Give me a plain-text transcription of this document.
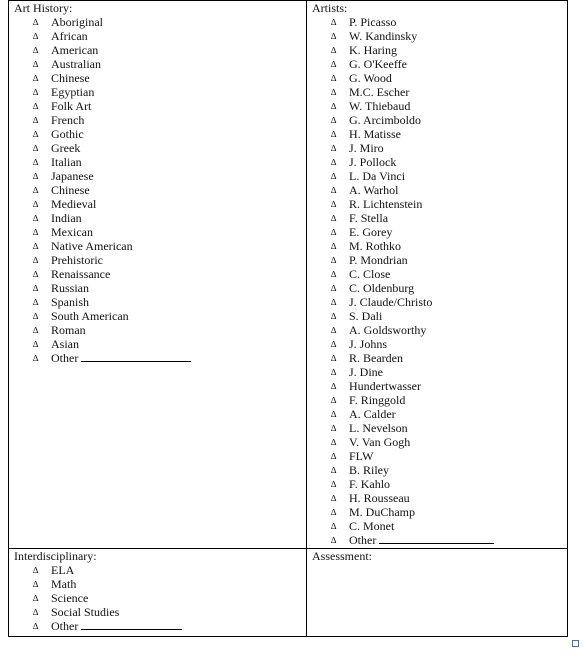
Art History:
∆ Aboriginal
∆ African
∆ American
∆ Australian
∆ Chinese
∆ Egyptian
∆ Folk Art
∆ French
∆ Gothic
∆ Greek
∆ Italian
∆ Japanese
∆ Chinese
∆ Medieval
∆ Indian
∆ Mexican
∆ Native American
∆ Prehistoric
∆ Renaissance
∆ Russian
∆ Spanish
∆ South American
∆ Roman
∆ Asian
∆ Other
Artists:
∆ P. Picasso
∆ W. Kandinsky
∆ K. Haring
∆ G. O'Keeffe
∆ G. Wood
∆ M.C. Escher
∆ W. Thiebaud
∆ G. Arcimboldo
∆ H. Matisse
∆ J. Miro
∆ J. Pollock
∆ L. Da Vinci
∆ A. Warhol
∆ R. Lichtenstein
∆ F. Stella
∆ E. Gorey
∆ M. Rothko
∆ P. Mondrian
∆ C. Close
∆ C. Oldenburg
∆ J. Claude/Christo
∆ S. Dali
∆ A. Goldsworthy
∆ J. Johns
∆ R. Bearden
∆ J. Dine
∆ Hundertwasser
∆ F. Ringgold
∆ A. Calder
∆ L. Nevelson
∆ V. Van Gogh
∆ FLW
∆ B. Riley
∆ F. Kahlo
∆ H. Rousseau
∆ M. DuChamp
∆ C. Monet
∆ Other
Interdisciplinary:
∆ ELA
∆ Math
∆ Science
∆ Social Studies
∆ Other
Assessment:
